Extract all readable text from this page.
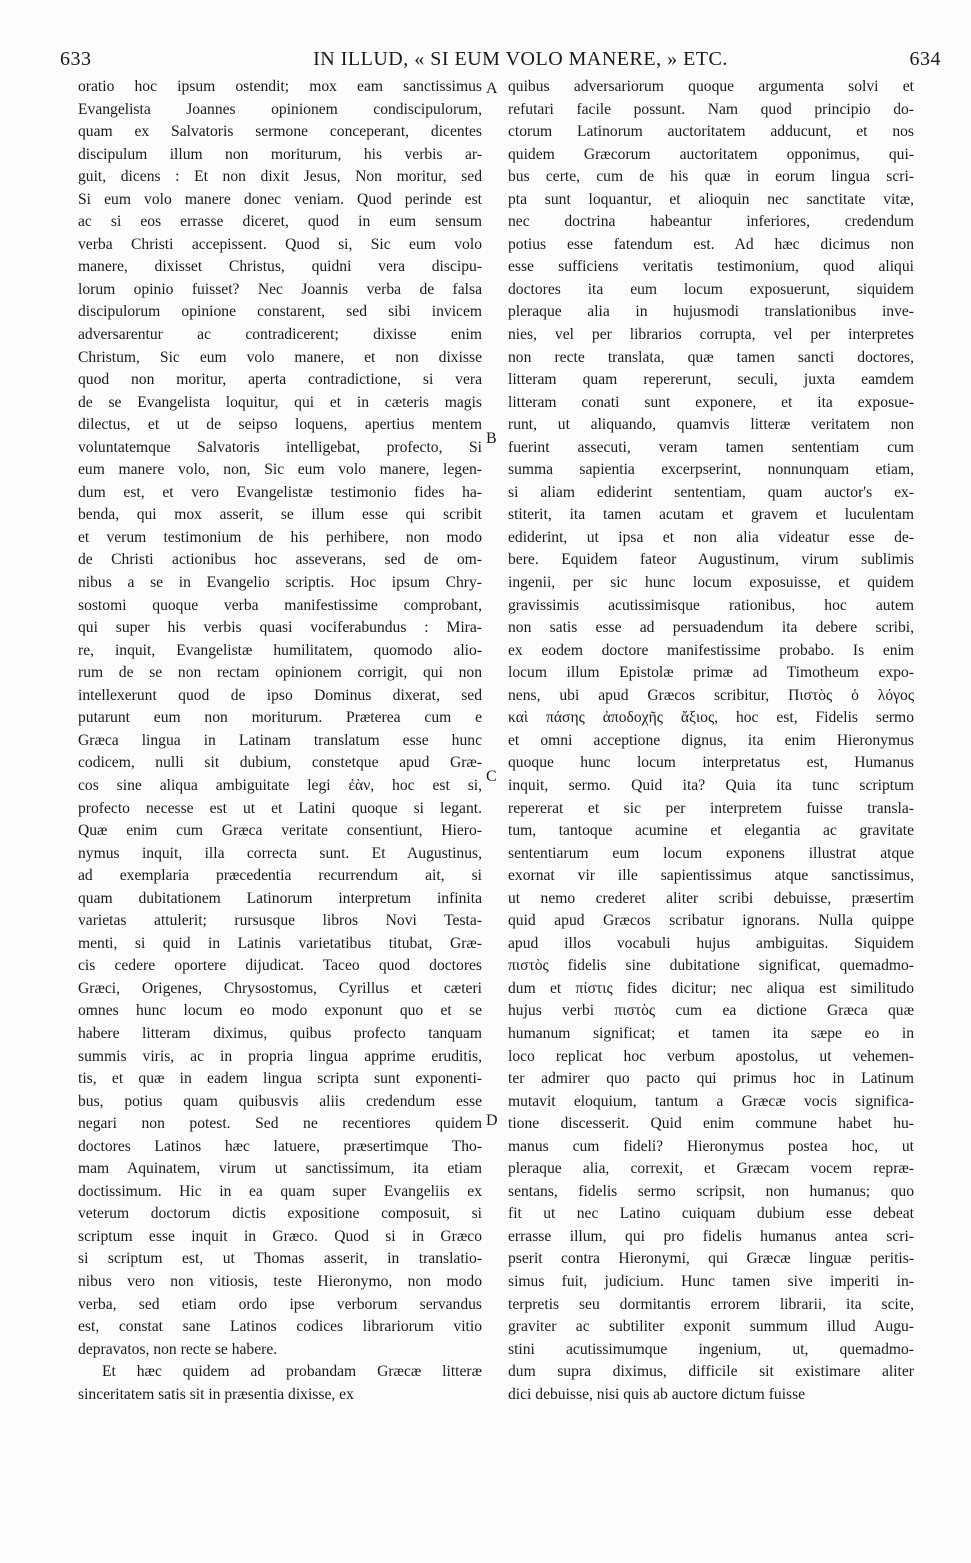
633	IN ILLUD, « SI EUM VOLO MANERE, » ETC.	634
oratio hoc ipsum ostendit; mox eam sanctissimus
Evangelista Joannes opinionem condiscipulorum,
quam ex Salvatoris sermone conceperant, dicentes
discipulum illum non moriturum, his verbis ar-
guit, dicens : Et non dixit Jesus, Non moritur, sed
Si eum volo manere donec veniam. Quod perinde est
ac si eos errasse diceret, quod in eum sensum
verba Christi accepissent. Quod si, Sic eum volo
manere, dixisset Christus, quidni vera discipu-
lorum opinio fuisset? Nec Joannis verba de falsa
discipulorum opinione constarent, sed sibi invicem
adversarentur ac contradicerent; dixisse enim
Christum, Sic eum volo manere, et non dixisse
quod non moritur, aperta contradictione, si vera
de se Evangelista loquitur, qui et in cæteris magis
dilectus, et ut de seipso loquens, apertius mentem
voluntatemque Salvatoris intelligebat, profecto, Si
eum manere volo, non, Sic eum volo manere, legen-
dum est, et vero Evangelistæ testimonio fides ha-
benda, qui mox asserit, se illum esse qui scribit
et verum testimonium de his perhibere, non modo
de Christi actionibus hoc asseverans, sed de om-
nibus a se in Evangelio scriptis. Hoc ipsum Chry-
sostomi quoque verba manifestissime comprobant,
qui super his verbis quasi vociferabundus : Mira-
re, inquit, Evangelistæ humilitatem, quomodo alio-
rum de se non rectam opinionem corrigit, qui non
intellexerunt quod de ipso Dominus dixerat, sed
putarunt eum non moriturum. Præterea cum e
Græca lingua in Latinam translatum esse hunc
codicem, nulli sit dubium, constetque apud Græ-
cos sine aliqua ambiguitate legi ἐὰν, hoc est si,
profecto necesse est ut et Latini quoque si legant.
Quæ enim cum Græca veritate consentiunt, Hiero-
nymus inquit, illa correcta sunt. Et Augustinus,
ad exemplaria præcedentia recurrendum ait, si
quam dubitationem Latinorum interpretum infinita
varietas attulerit; rursusque libros Novi Testa-
menti, si quid in Latinis varietatibus titubat, Græ-
cis cedere oportere dijudicat. Taceo quod doctores
Græci, Origenes, Chrysostomus, Cyrillus et cæteri
omnes hunc locum eo modo exponunt quo et se
habere litteram diximus, quibus profecto tanquam
summis viris, ac in propria lingua apprime eruditis,
tis, et quæ in eadem lingua scripta sunt exponenti-
bus, potius quam quibusvis aliis credendum esse
negari non potest. Sed ne recentiores quidem
doctores Latinos hæc latuere, præsertimque Tho-
mam Aquinatem, virum ut sanctissimum, ita etiam
doctissimum. Hic in ea quam super Evangeliis ex
veterum doctorum dictis expositione composuit, si
scriptum esse inquit in Græco. Quod si in Græco
si scriptum est, ut Thomas asserit, in translatio-
nibus vero non vitiosis, teste Hieronymo, non modo
verba, sed etiam ordo ipse verborum servandus
est, constat sane Latinos codices librariorum vitio
depravatos, non recte se habere.
Et hæc quidem ad probandam Græcæ litteræ
sinceritatem satis sit in præsentia dixisse, ex
quibus adversariorum quoque argumenta solvi et
refutari facile possunt. Nam quod principio do-
ctorum Latinorum auctoritatem adducunt, et nos
quidem Græcorum auctoritatem opponimus, qui-
bus certe, cum de his quæ in eorum lingua scri-
pta sunt loquantur, et alioquin nec sanctitate vitæ,
nec doctrina habeantur inferiores, credendum
potius esse fatendum est. Ad hæc dicimus non
esse sufficiens veritatis testimonium, quod aliqui
doctores ita eum locum exposuerunt, siquidem
pleraque alia in hujusmodi translationibus inve-
nies, vel per librarios corrupta, vel per interpretes
non recte translata, quæ tamen sancti doctores,
litteram quam repererunt, seculi, juxta eamdem
litteram conati sunt exponere, et ita exposue-
runt, ut aliquando, quamvis litteræ veritatem non
fuerint assecuti, veram tamen sententiam cum
summa sapientia excerpserint, nonnunquam etiam,
si aliam ediderint sententiam, quam auctor's ex-
stiterit, ita tamen acutam et gravem et luculentam
ediderint, ut ipsa et non alia videatur esse de-
bere. Equidem fateor Augustinum, virum sublimis
ingenii, per sic hunc locum exposuisse, et quidem
gravissimis acutissimisque rationibus, hoc autem
non satis esse ad persuadendum ita debere scribi,
ex eodem doctore manifestissime probabo. Is enim
locum illum Epistolæ primæ ad Timotheum expo-
nens, ubi apud Græcos scribitur, Πιστὸς ὁ λόγος
καὶ πάσης ἀποδοχῆς ἄξιος, hoc est, Fidelis sermo
et omni acceptione dignus, ita enim Hieronymus
quoque hunc locum interpretatus est, Humanus
inquit, sermo. Quid ita? Quia ita tunc scriptum
repererat et sic per interpretem fuisse transla-
tum, tantoque acumine et elegantia ac gravitate
sententiarum eum locum exponens illustrat atque
exornat vir ille sapientissimus atque sanctissimus,
ut nemo crederet aliter scribi debuisse, præsertim
quid apud Græcos scribatur ignorans. Nulla quippe
apud illos vocabuli hujus ambiguitas. Siquidem
πιστὸς fidelis sine dubitatione significat, quemadmo-
dum et πίστις fides dicitur; nec aliqua est similitudo
hujus verbi πιστὸς cum ea dictione Græca quæ
humanum significat; et tamen ita sæpe eo in
loco replicat hoc verbum apostolus, ut vehemen-
ter admirer quo pacto qui primus hoc in Latinum
mutavit eloquium, tantum a Græcæ vocis significa-
tione discesserit. Quid enim commune habet hu-
manus cum fideli? Hieronymus postea hoc, ut
pleraque alia, correxit, et Græcam vocem repræ-
sentans, fidelis sermo scripsit, non humanus; quo
fit ut nec Latino cuiquam dubium esse debeat
errasse illum, qui pro fidelis humanus antea scri-
pserit contra Hieronymi, qui Græcæ linguæ peritis-
simus fuit, judicium. Hunc tamen sive imperiti in-
terpretis seu dormitantis errorem librarii, ita scite,
graviter ac subtiliter exponit summum illud Augu-
stini acutissimumque ingenium, ut, quemadmo-
dum supra diximus, difficile sit existimare aliter
dici debuisse, nisi quis ab auctore dictum fuisse
A
B
C
D
